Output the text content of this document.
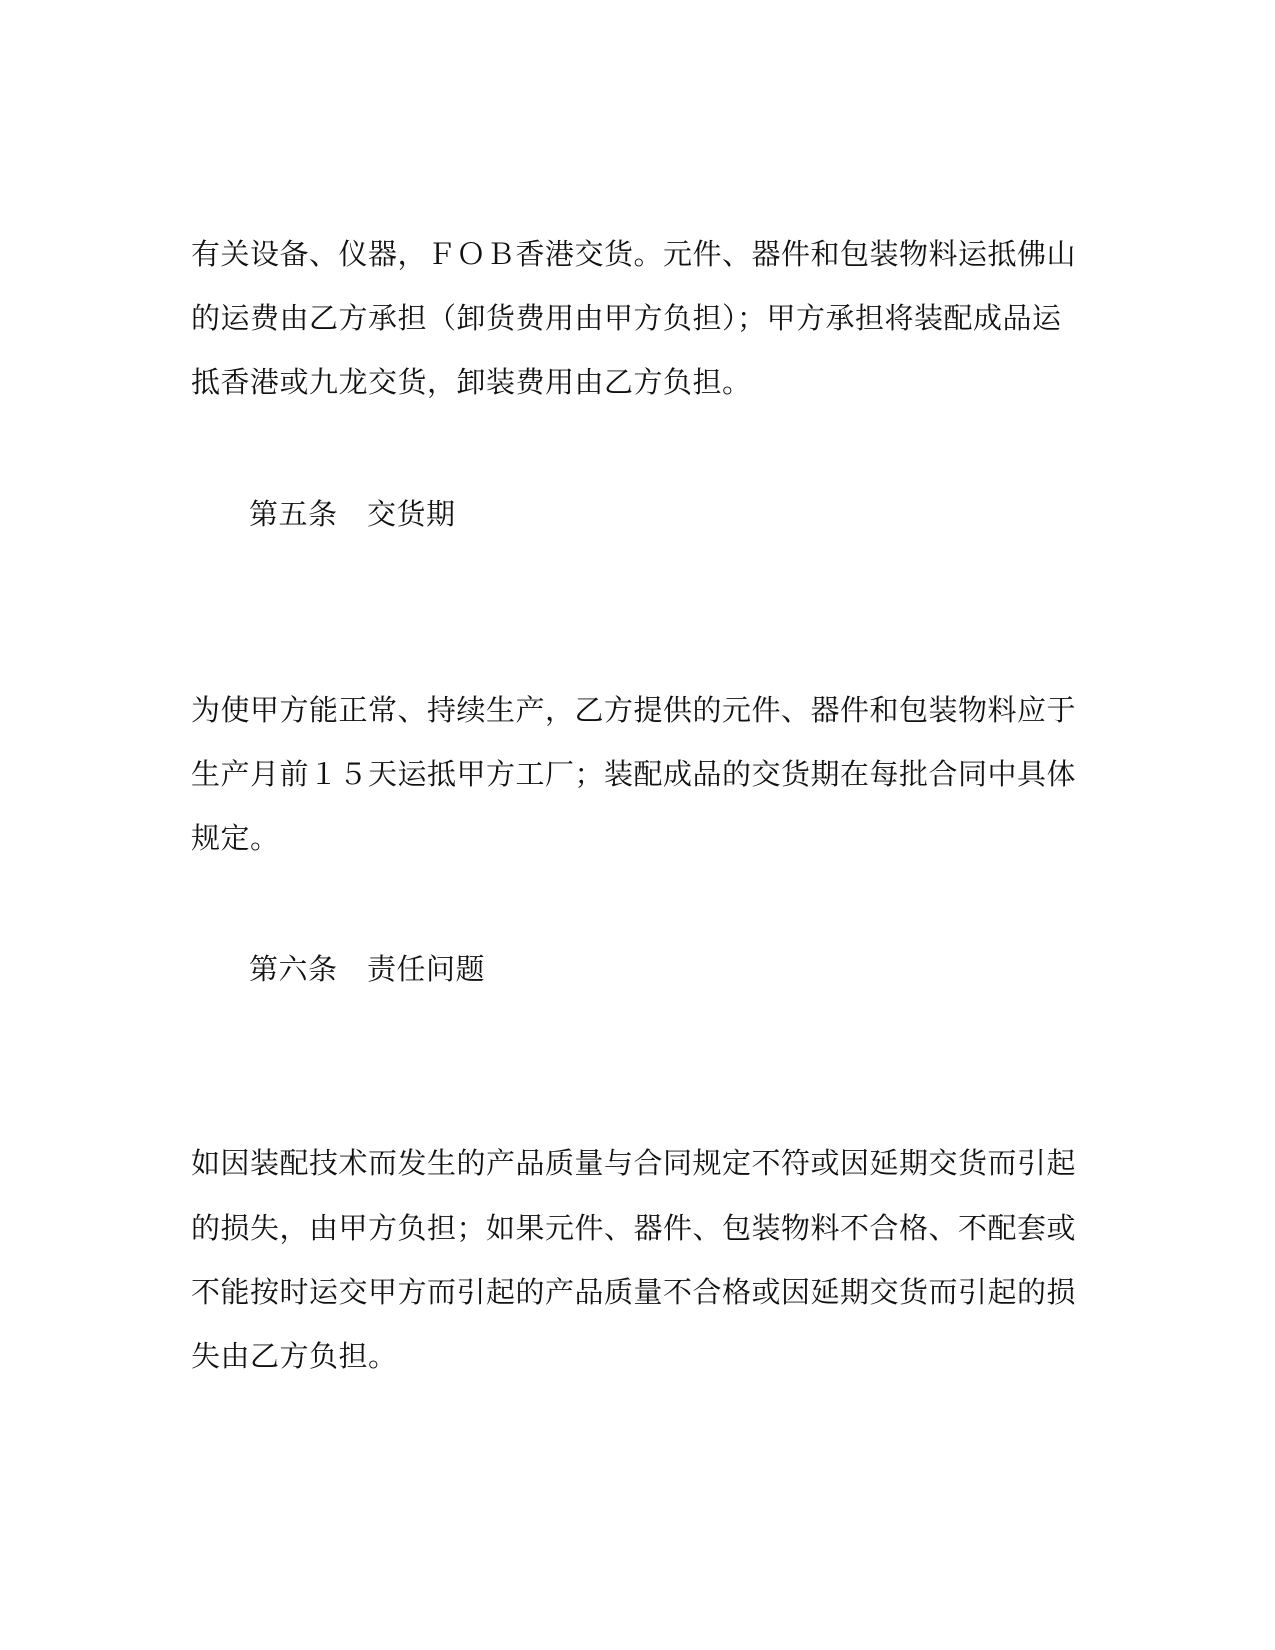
有关设备、仪器，ＦＯＢ香港交货。元件、器件和包装物料运抵佛山
的运费由乙方承担（卸货费用由甲方负担）；甲方承担将装配成品运
抵香港或九龙交货，卸装费用由乙方负担。
第五条　交货期
为使甲方能正常、持续生产，乙方提供的元件、器件和包装物料应于
生产月前１５天运抵甲方工厂；装配成品的交货期在每批合同中具体
规定。
第六条　责任问题
如因装配技术而发生的产品质量与合同规定不符或因延期交货而引起
的损失，由甲方负担；如果元件、器件、包装物料不合格、不配套或
不能按时运交甲方而引起的产品质量不合格或因延期交货而引起的损
失由乙方负担。
